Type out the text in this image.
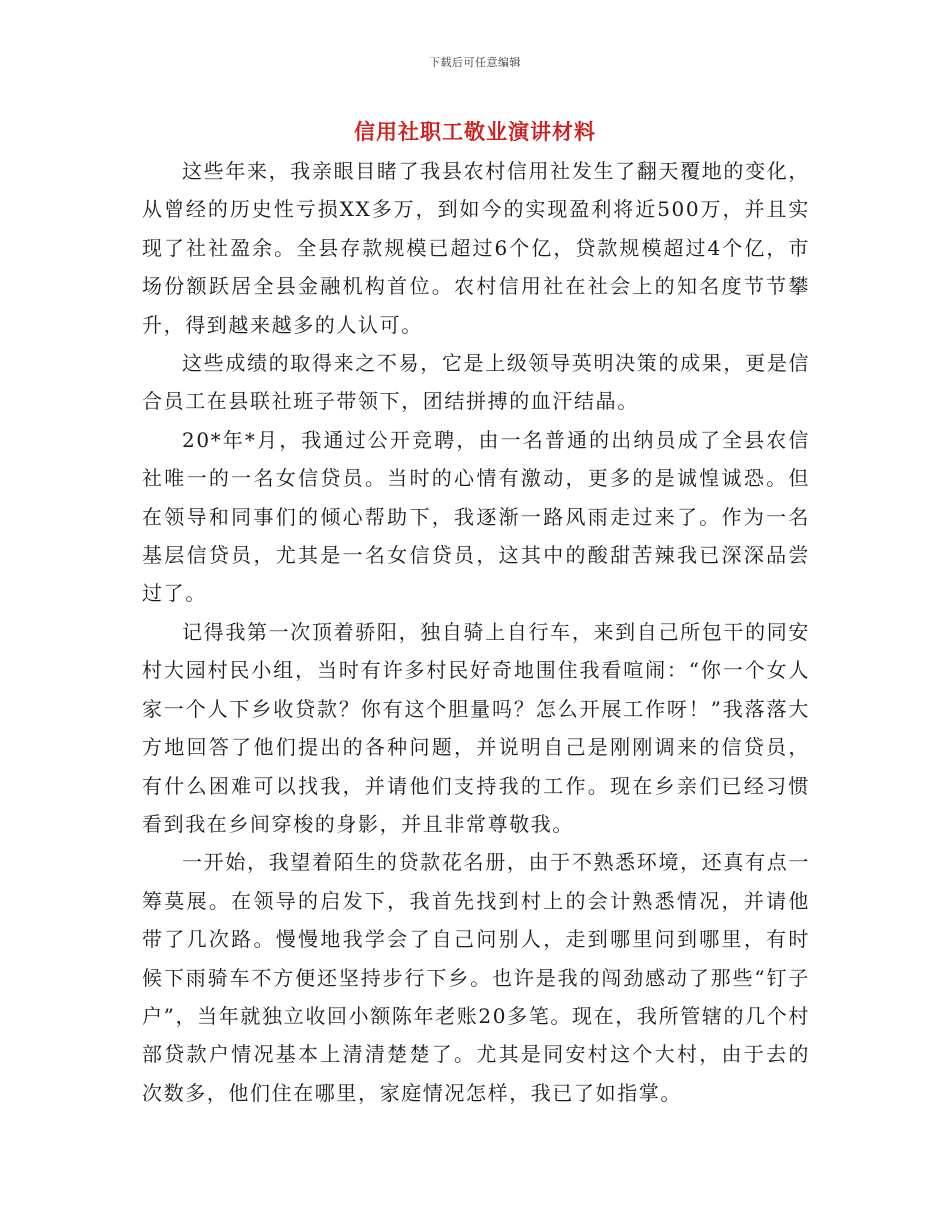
下载后可任意编辑
信用社职工敬业演讲材料

这些年来，我亲眼目睹了我县农村信用社发生了翻天覆地的变化，从曾经的历史性亏损XX多万，到如今的实现盈利将近500万，并且实现了社社盈余。全县存款规模已超过6个亿，贷款规模超过4个亿，市场份额跃居全县金融机构首位。农村信用社在社会上的知名度节节攀升，得到越来越多的人认可。

这些成绩的取得来之不易，它是上级领导英明决策的成果，更是信合员工在县联社班子带领下，团结拼搏的血汗结晶。

20*年*月，我通过公开竞聘，由一名普通的出纳员成了全县农信社唯一的一名女信贷员。当时的心情有激动，更多的是诚惶诚恐。但在领导和同事们的倾心帮助下，我逐渐一路风雨走过来了。作为一名基层信贷员，尤其是一名女信贷员，这其中的酸甜苦辣我已深深品尝过了。

记得我第一次顶着骄阳，独自骑上自行车，来到自己所包干的同安村大园村民小组，当时有许多村民好奇地围住我看喧闹：“你一个女人家一个人下乡收贷款？你有这个胆量吗？怎么开展工作呀！”我落落大方地回答了他们提出的各种问题，并说明自己是刚刚调来的信贷员，有什么困难可以找我，并请他们支持我的工作。现在乡亲们已经习惯看到我在乡间穿梭的身影，并且非常尊敬我。

一开始，我望着陌生的贷款花名册，由于不熟悉环境，还真有点一筹莫展。在领导的启发下，我首先找到村上的会计熟悉情况，并请他带了几次路。慢慢地我学会了自己问别人，走到哪里问到哪里，有时候下雨骑车不方便还坚持步行下乡。也许是我的闯劲感动了那些“钉子户”，当年就独立收回小额陈年老账20多笔。现在，我所管辖的几个村部贷款户情况基本上清清楚楚了。尤其是同安村这个大村，由于去的次数多，他们住在哪里，家庭情况怎样，我已了如指掌。
